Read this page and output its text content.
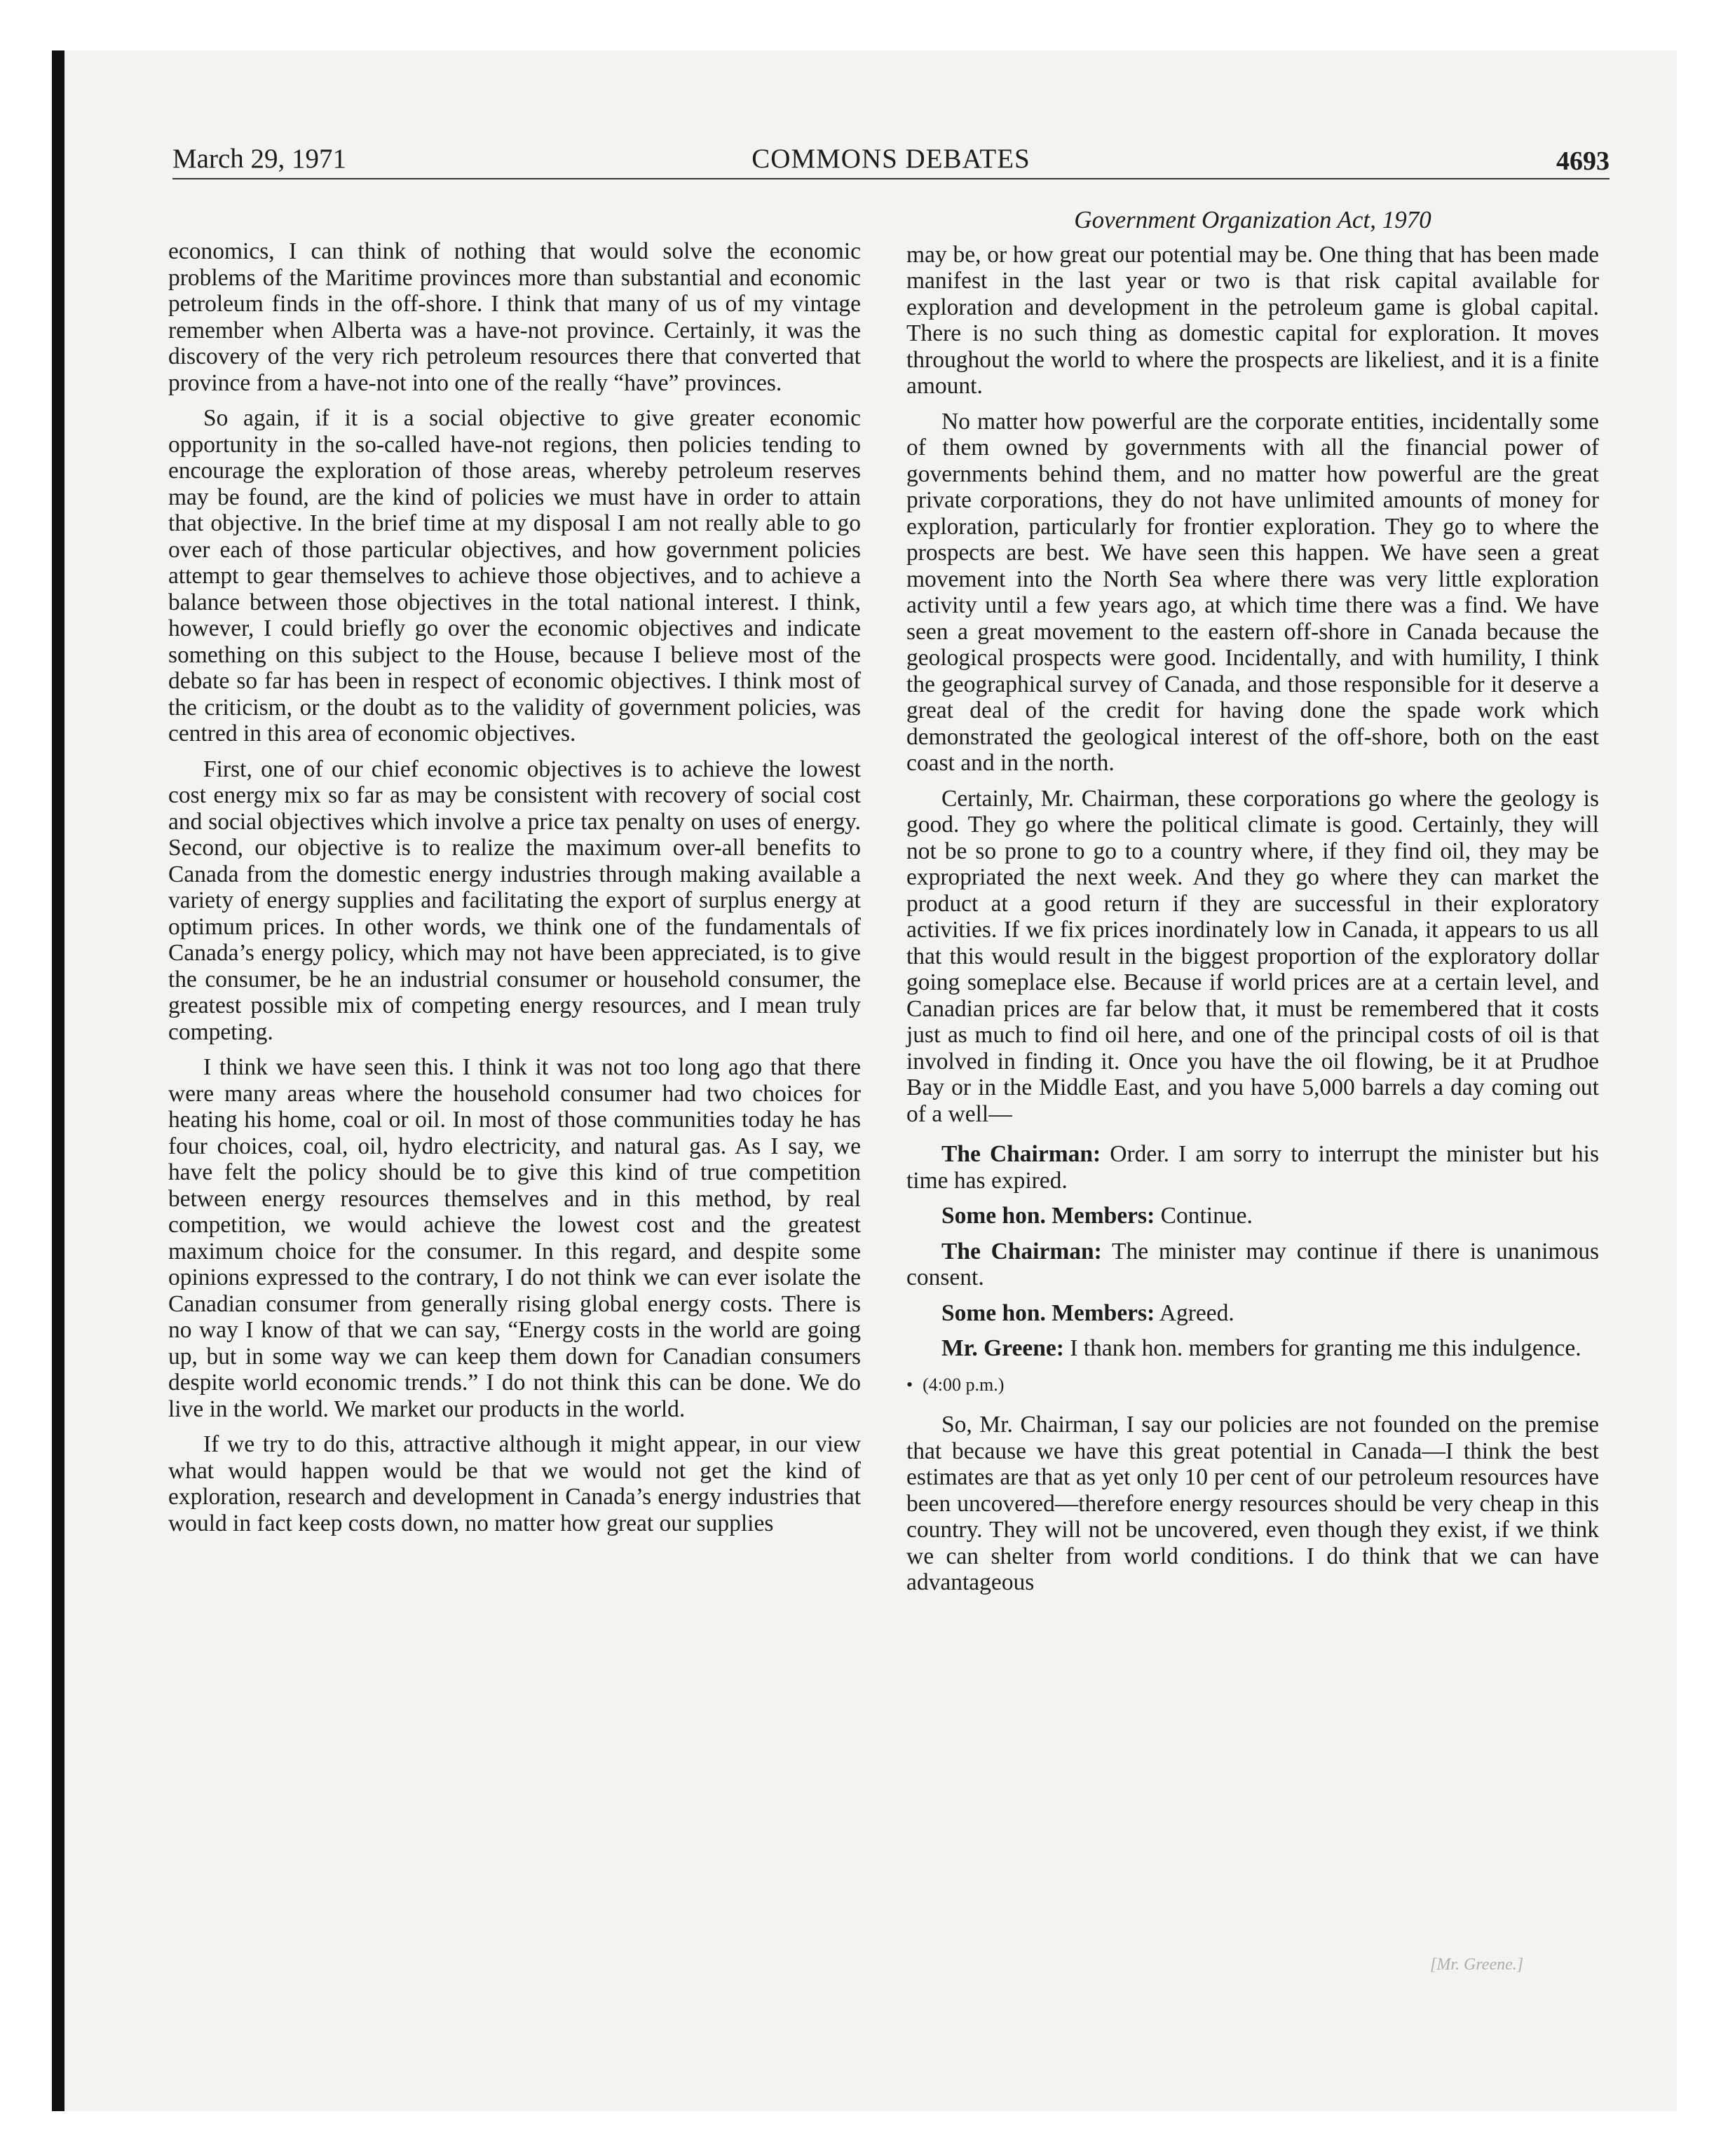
March 29, 1971	COMMONS DEBATES	4693

economics, I can think of nothing that would solve the economic problems of the Maritime provinces more than substantial and economic petroleum finds in the off-shore. I think that many of us of my vintage remember when Alberta was a have-not province. Certainly, it was the discovery of the very rich petroleum resources there that converted that province from a have-not into one of the really “have” provinces.

So again, if it is a social objective to give greater economic opportunity in the so-called have-not regions, then policies tending to encourage the exploration of those areas, whereby petroleum reserves may be found, are the kind of policies we must have in order to attain that objective. In the brief time at my disposal I am not really able to go over each of those particular objectives, and how government policies attempt to gear themselves to achieve those objectives, and to achieve a balance between those objectives in the total national interest. I think, however, I could briefly go over the economic objectives and indicate something on this subject to the House, because I believe most of the debate so far has been in respect of economic objectives. I think most of the criticism, or the doubt as to the validity of government policies, was centred in this area of economic objectives.

First, one of our chief economic objectives is to achieve the lowest cost energy mix so far as may be consistent with recovery of social cost and social objectives which involve a price tax penalty on uses of energy. Second, our objective is to realize the maximum over-all benefits to Canada from the domestic energy industries through making available a variety of energy supplies and facilitating the export of surplus energy at optimum prices. In other words, we think one of the fundamentals of Canada’s energy policy, which may not have been appreciated, is to give the consumer, be he an industrial consumer or household consumer, the greatest possible mix of competing energy resources, and I mean truly competing.

I think we have seen this. I think it was not too long ago that there were many areas where the household consumer had two choices for heating his home, coal or oil. In most of those communities today he has four choices, coal, oil, hydro electricity, and natural gas. As I say, we have felt the policy should be to give this kind of true competition between energy resources themselves and in this method, by real competition, we would achieve the lowest cost and the greatest maximum choice for the consumer. In this regard, and despite some opinions expressed to the contrary, I do not think we can ever isolate the Canadian consumer from generally rising global energy costs. There is no way I know of that we can say, “Energy costs in the world are going up, but in some way we can keep them down for Canadian consumers despite world economic trends.” I do not think this can be done. We do live in the world. We market our products in the world.

If we try to do this, attractive although it might appear, in our view what would happen would be that we would not get the kind of exploration, research and development in Canada’s energy industries that would in fact keep costs down, no matter how great our supplies

Government Organization Act, 1970

may be, or how great our potential may be. One thing that has been made manifest in the last year or two is that risk capital available for exploration and development in the petroleum game is global capital. There is no such thing as domestic capital for exploration. It moves throughout the world to where the prospects are likeliest, and it is a finite amount.

No matter how powerful are the corporate entities, incidentally some of them owned by governments with all the financial power of governments behind them, and no matter how powerful are the great private corporations, they do not have unlimited amounts of money for exploration, particularly for frontier exploration. They go to where the prospects are best. We have seen this happen. We have seen a great movement into the North Sea where there was very little exploration activity until a few years ago, at which time there was a find. We have seen a great movement to the eastern off-shore in Canada because the geological prospects were good. Incidentally, and with humility, I think the geographical survey of Canada, and those responsible for it deserve a great deal of the credit for having done the spade work which demonstrated the geological interest of the off-shore, both on the east coast and in the north.

Certainly, Mr. Chairman, these corporations go where the geology is good. They go where the political climate is good. Certainly, they will not be so prone to go to a country where, if they find oil, they may be expropriated the next week. And they go where they can market the product at a good return if they are successful in their exploratory activities. If we fix prices inordinately low in Canada, it appears to us all that this would result in the biggest proportion of the exploratory dollar going someplace else. Because if world prices are at a certain level, and Canadian prices are far below that, it must be remembered that it costs just as much to find oil here, and one of the principal costs of oil is that involved in finding it. Once you have the oil flowing, be it at Prudhoe Bay or in the Middle East, and you have 5,000 barrels a day coming out of a well—

The Chairman: Order. I am sorry to interrupt the minister but his time has expired.

Some hon. Members: Continue.

The Chairman: The minister may continue if there is unanimous consent.

Some hon. Members: Agreed.

Mr. Greene: I thank hon. members for granting me this indulgence.

• (4:00 p.m.)

So, Mr. Chairman, I say our policies are not founded on the premise that because we have this great potential in Canada—I think the best estimates are that as yet only 10 per cent of our petroleum resources have been uncovered—therefore energy resources should be very cheap in this country. They will not be uncovered, even though they exist, if we think we can shelter from world conditions. I do think that we can have advantageous

[Mr. Greene.]
